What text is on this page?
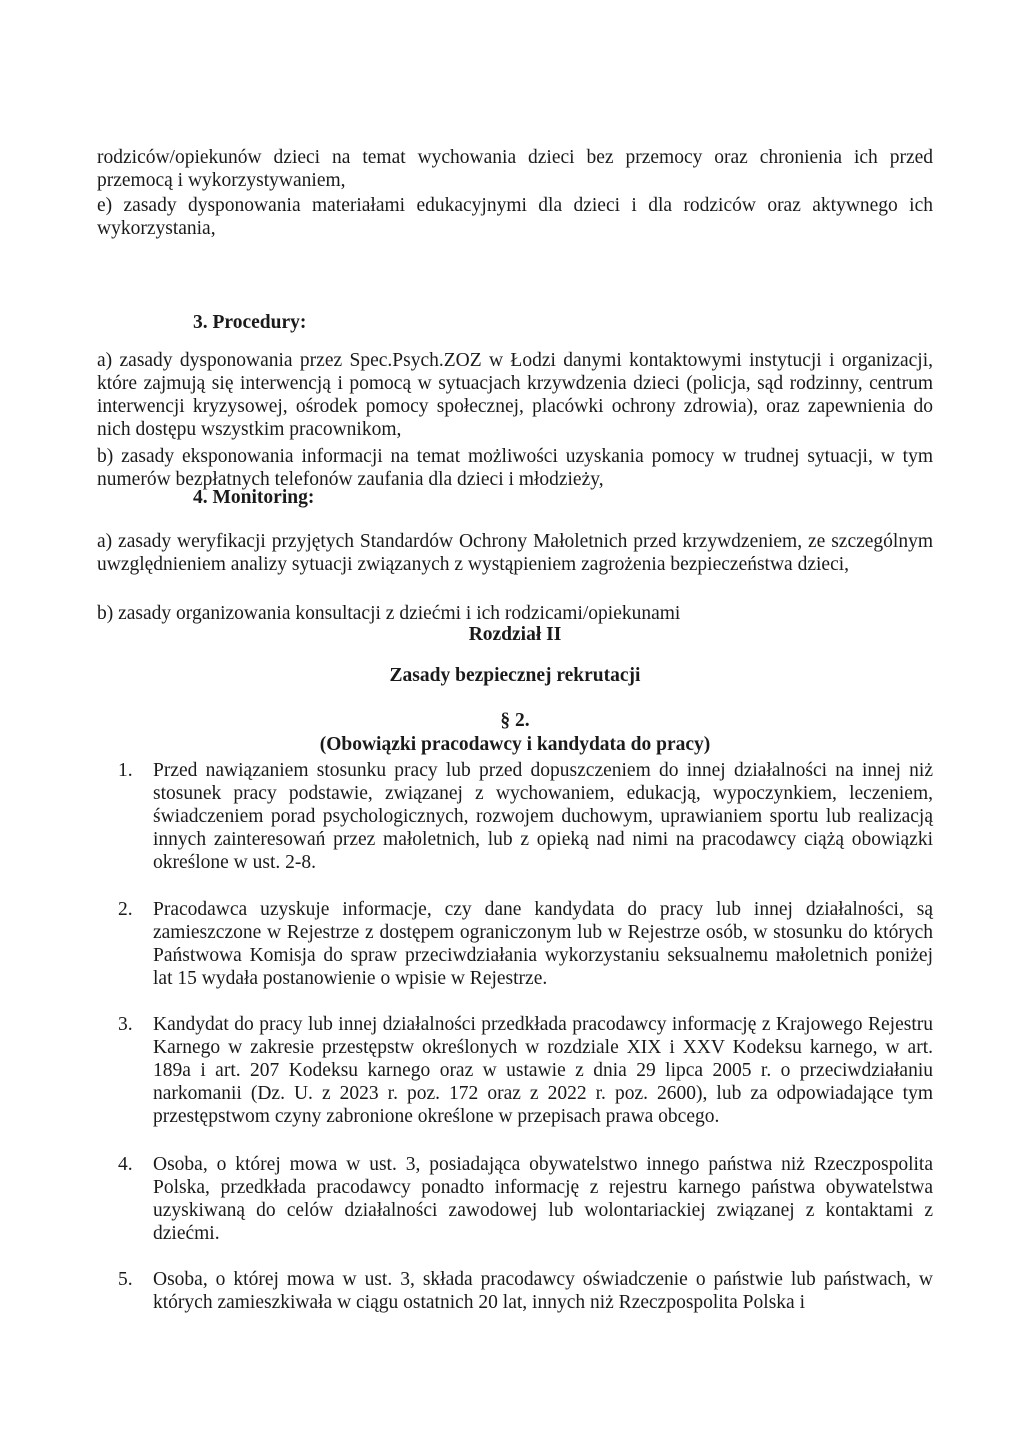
rodziców/opiekunów dzieci na temat wychowania dzieci bez przemocy oraz chronienia ich przed przemocą i wykorzystywaniem,

e) zasady dysponowania materiałami edukacyjnymi dla dzieci i dla rodziców oraz aktywnego ich wykorzystania,

3. Procedury:

a) zasady dysponowania przez Spec.Psych.ZOZ w Łodzi danymi kontaktowymi instytucji i organizacji, które zajmują się interwencją i pomocą w sytuacjach krzywdzenia dzieci (policja, sąd rodzinny, centrum interwencji kryzysowej, ośrodek pomocy społecznej, placówki ochrony zdrowia), oraz zapewnienia do nich dostępu wszystkim pracownikom,

b) zasady eksponowania informacji na temat możliwości uzyskania pomocy w trudnej sytuacji, w tym numerów bezpłatnych telefonów zaufania dla dzieci i młodzieży,

4. Monitoring:

a) zasady weryfikacji przyjętych Standardów Ochrony Małoletnich przed krzywdzeniem, ze szczególnym uwzględnieniem analizy sytuacji związanych z wystąpieniem zagrożenia bezpieczeństwa dzieci,

b) zasady organizowania konsultacji z dziećmi i ich rodzicami/opiekunami

Rozdział II

Zasady bezpiecznej rekrutacji

§ 2.

(Obowiązki pracodawcy i kandydata do pracy)

1.	Przed nawiązaniem stosunku pracy lub przed dopuszczeniem do innej działalności na innej niż stosunek pracy podstawie, związanej z wychowaniem, edukacją, wypoczynkiem, leczeniem, świadczeniem porad psychologicznych, rozwojem duchowym, uprawianiem sportu lub realizacją innych zainteresowań przez małoletnich, lub z opieką nad nimi na pracodawcy ciążą obowiązki określone w ust. 2-8.
2.	Pracodawca uzyskuje informacje, czy dane kandydata do pracy lub innej działalności, są zamieszczone w Rejestrze z dostępem ograniczonym lub w Rejestrze osób, w stosunku do których Państwowa Komisja do spraw przeciwdziałania wykorzystaniu seksualnemu małoletnich poniżej lat 15 wydała postanowienie o wpisie w Rejestrze.
3.	Kandydat do pracy lub innej działalności przedkłada pracodawcy informację z Krajowego Rejestru Karnego w zakresie przestępstw określonych w rozdziale XIX i XXV Kodeksu karnego, w art. 189a i art. 207 Kodeksu karnego oraz w ustawie z dnia 29 lipca 2005 r. o przeciwdziałaniu narkomanii (Dz. U. z 2023 r. poz. 172 oraz z 2022 r. poz. 2600), lub za odpowiadające tym przestępstwom czyny zabronione określone w przepisach prawa obcego.
4.	Osoba, o której mowa w ust. 3, posiadająca obywatelstwo innego państwa niż Rzeczpospolita Polska, przedkłada pracodawcy ponadto informację z rejestru karnego państwa obywatelstwa uzyskiwaną do celów działalności zawodowej lub wolontariackiej związanej z kontaktami z dziećmi.
5.	Osoba, o której mowa w ust. 3, składa pracodawcy oświadczenie o państwie lub państwach, w których zamieszkiwała w ciągu ostatnich 20 lat, innych niż Rzeczpospolita Polska i
